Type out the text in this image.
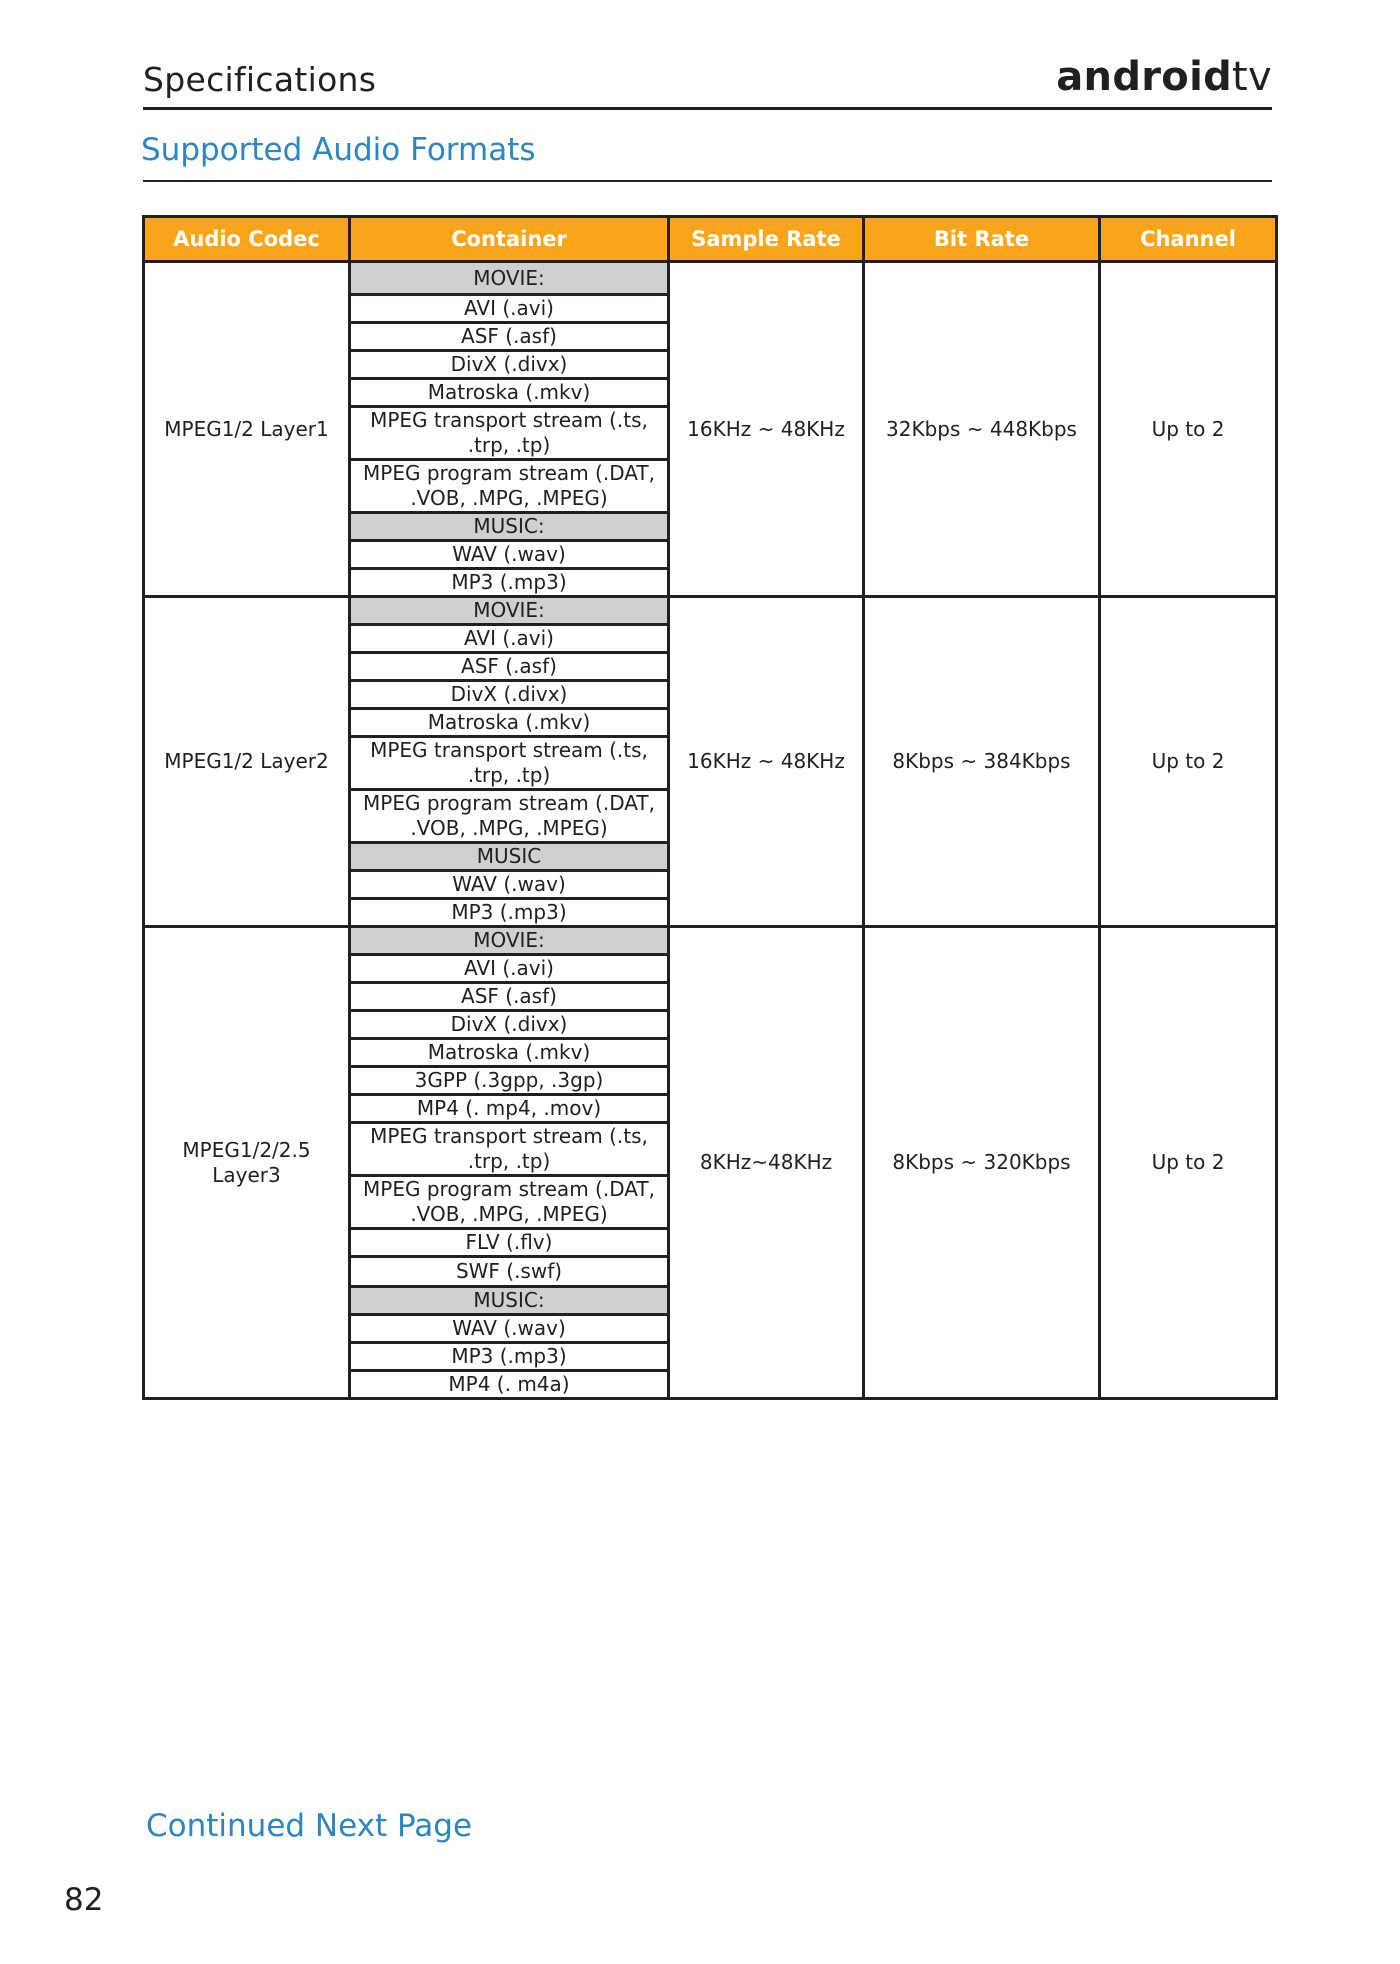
Specifications	androidtv
Supported Audio Formats
Audio Codec	Container	Sample Rate	Bit Rate	Channel
MPEG1/2 Layer1	MOVIE:	16KHz ~ 48KHz	32Kbps ~ 448Kbps	Up to 2
	AVI (.avi)			
	ASF (.asf)			
	DivX (.divx)			
	Matroska (.mkv)			
	MPEG transport stream (.ts,
.trp, .tp)			
	MPEG program stream (.DAT,
.VOB, .MPG, .MPEG)			
	MUSIC:			
	WAV (.wav)			
	MP3 (.mp3)			
MPEG1/2 Layer2	MOVIE:	16KHz ~ 48KHz	8Kbps ~ 384Kbps	Up to 2
	AVI (.avi)			
	ASF (.asf)			
	DivX (.divx)			
	Matroska (.mkv)			
	MPEG transport stream (.ts,
.trp, .tp)			
	MPEG program stream (.DAT,
.VOB, .MPG, .MPEG)			
	MUSIC			
	WAV (.wav)			
	MP3 (.mp3)			
MPEG1/2/2.5
Layer3	MOVIE:	8KHz~48KHz	8Kbps ~ 320Kbps	Up to 2
	AVI (.avi)			
	ASF (.asf)			
	DivX (.divx)			
	Matroska (.mkv)			
	3GPP (.3gpp, .3gp)			
	MP4 (. mp4, .mov)			
	MPEG transport stream (.ts,
.trp, .tp)			
	MPEG program stream (.DAT,
.VOB, .MPG, .MPEG)			
	FLV (.flv)			
	SWF (.swf)			
	MUSIC:			
	WAV (.wav)			
	MP3 (.mp3)			
	MP4 (. m4a)			
Continued Next Page
82
